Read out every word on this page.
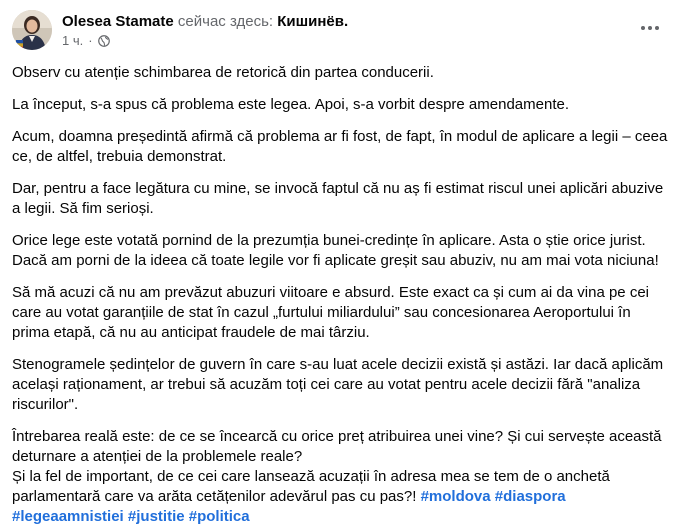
Olesea Stamate сейчас здесь: Кишинёв.
1 ч. ·

Observ cu atenție schimbarea de retorică din partea conducerii.

La început, s-a spus că problema este legea. Apoi, s-a vorbit despre amendamente.

Acum, doamna președintă afirmă că problema ar fi fost, de fapt, în modul de aplicare a legii – ceea ce, de altfel, trebuia demonstrat.

Dar, pentru a face legătura cu mine, se invocă faptul că nu aș fi estimat riscul unei aplicări abuzive a legii. Să fim serioși.

Orice lege este votată pornind de la prezumția bunei-credințe în aplicare. Asta o știe orice jurist. Dacă am porni de la ideea că toate legile vor fi aplicate greșit sau abuziv, nu am mai vota niciuna!

Să mă acuzi că nu am prevăzut abuzuri viitoare e absurd. Este exact ca și cum ai da vina pe cei care au votat garanțiile de stat în cazul „furtului miliardului” sau concesionarea Aeroportului în prima etapă, că nu au anticipat fraudele de mai târziu.

Stenogramele ședințelor de guvern în care s-au luat acele decizii există și astăzi. Iar dacă aplicăm același raționament, ar trebui să acuzăm toți cei care au votat pentru acele decizii fără "analiza riscurilor".

Întrebarea reală este: de ce se încearcă cu orice preț atribuirea unei vine? Și cui servește această deturnare a atenției de la problemele reale?
Și la fel de important, de ce cei care lansează acuzații în adresa mea se tem de o anchetă parlamentară care va arăta cetățenilor adevărul pas cu pas?! #moldova #diaspora #legeaamnistiei #justitie #politica
